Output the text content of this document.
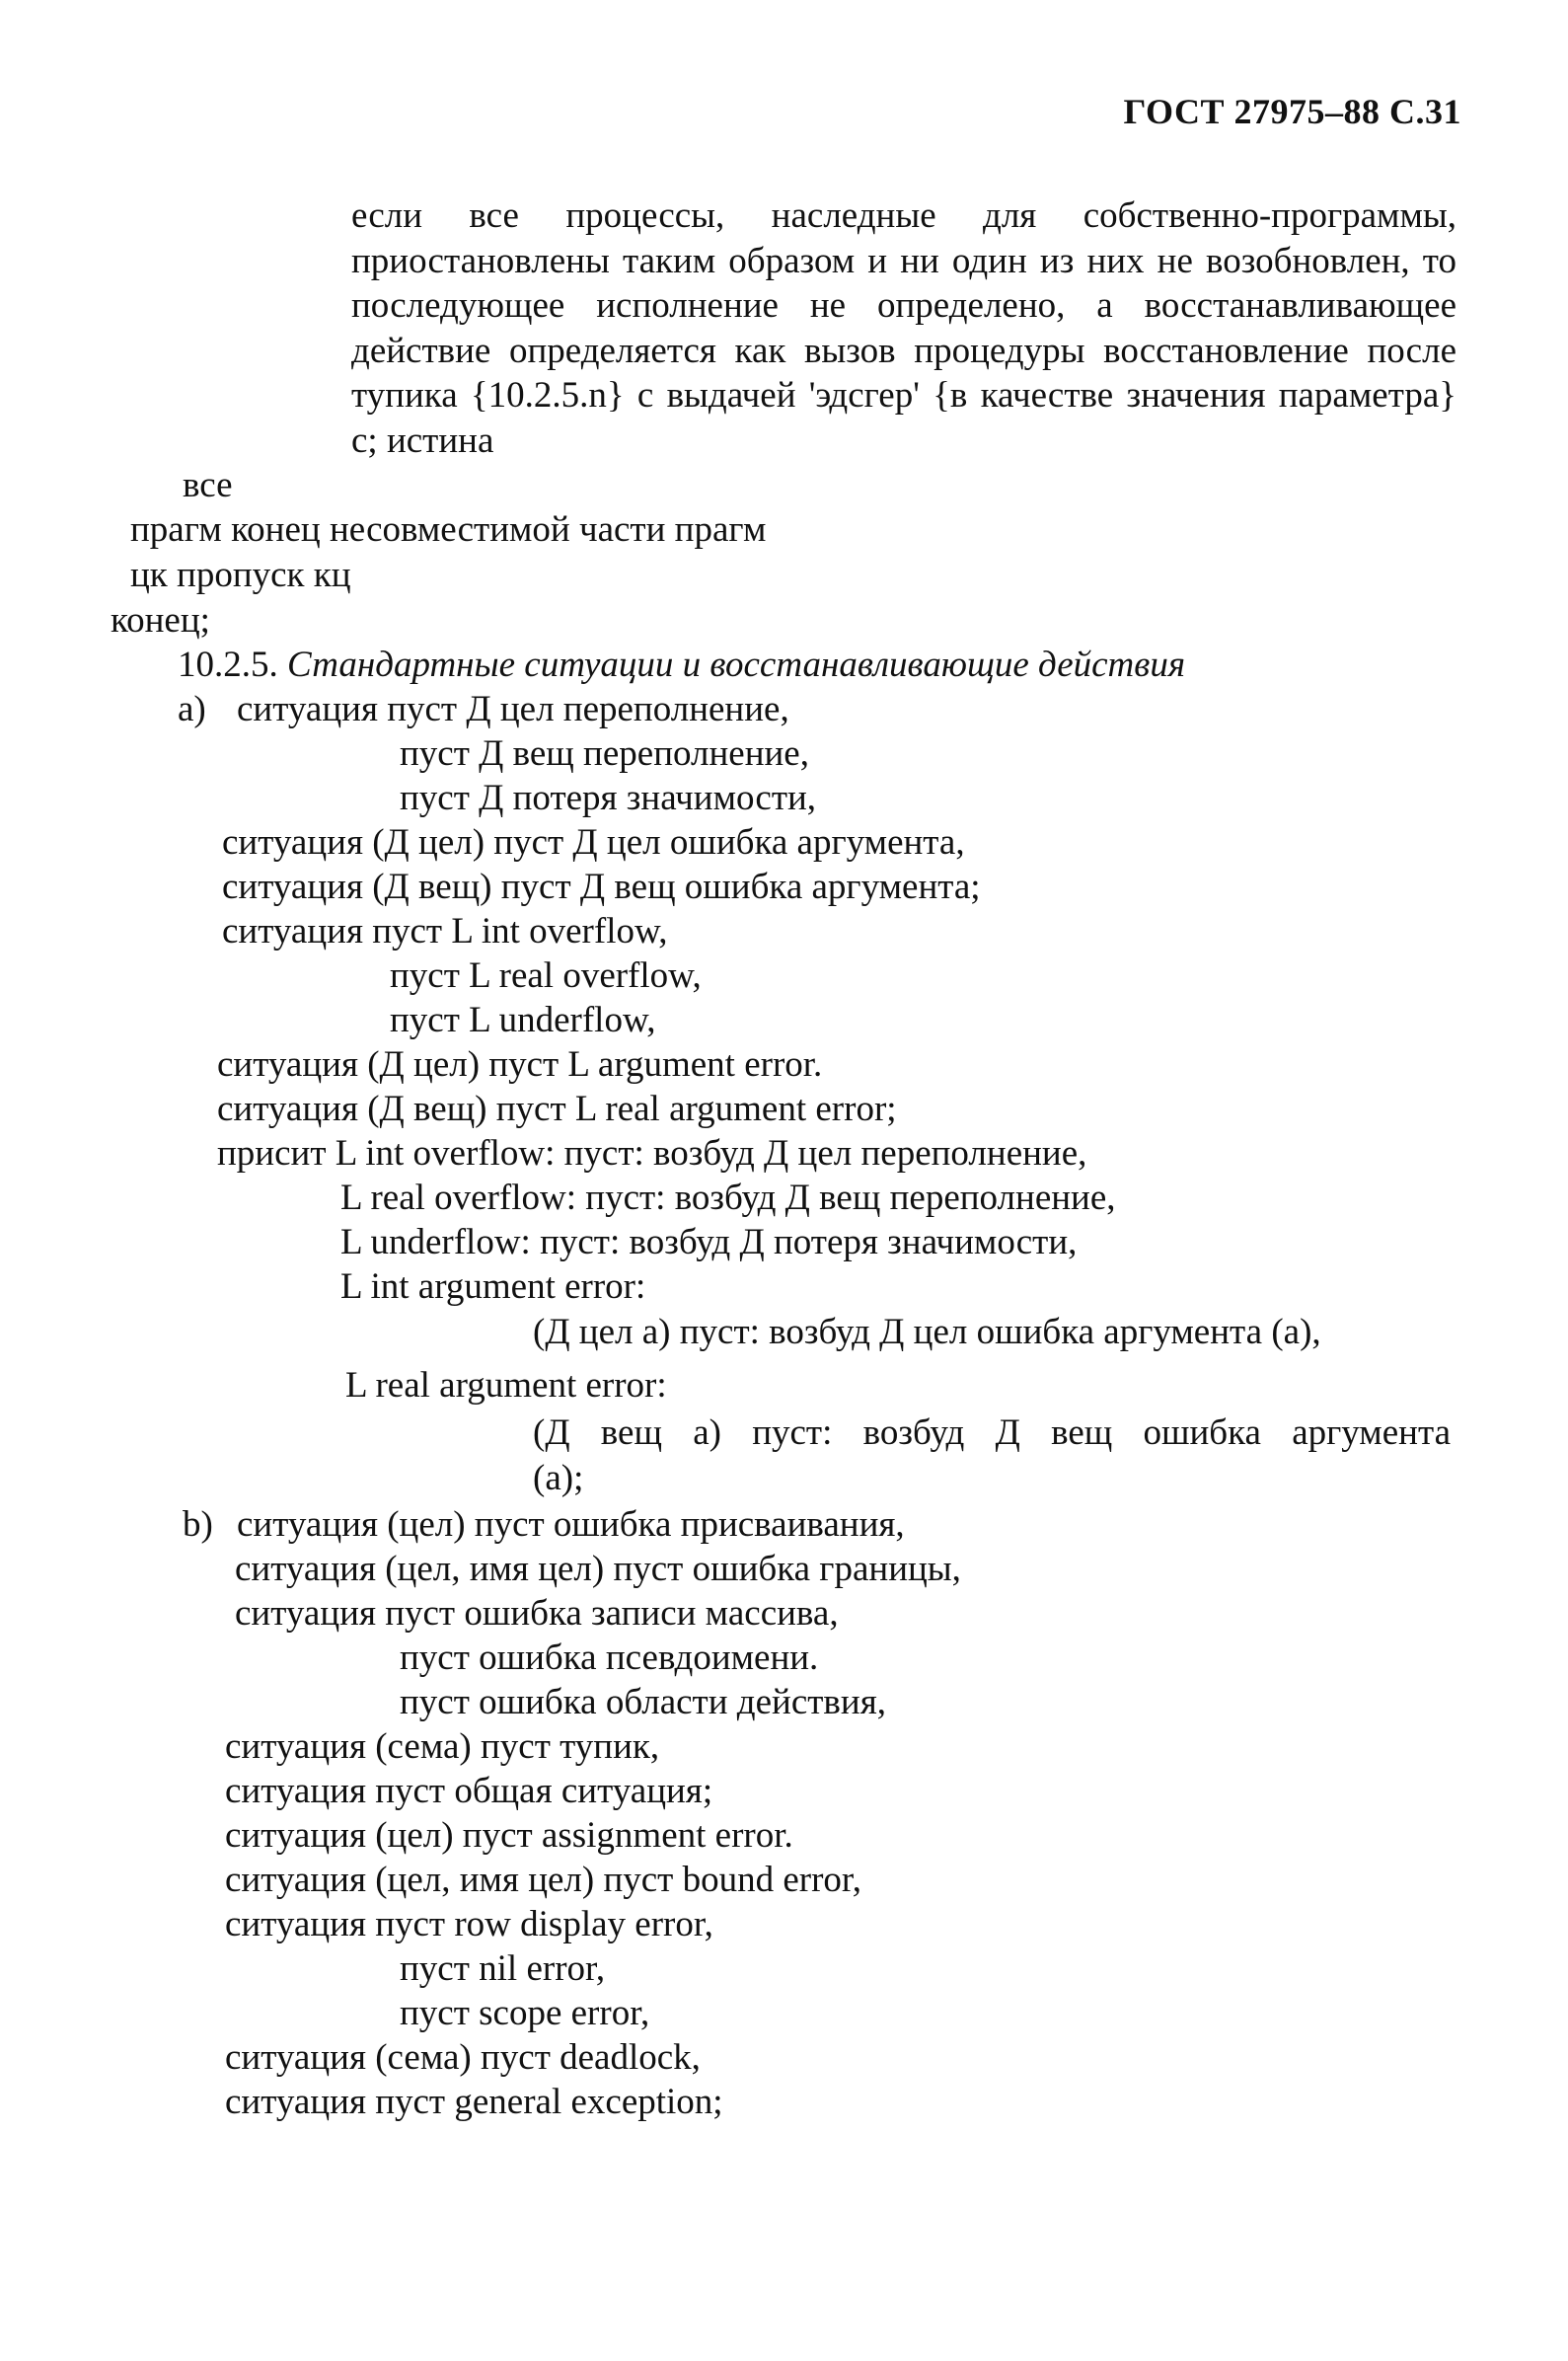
ГОСТ 27975–88 С.31
если все процессы, наследные для собственно-программы, приостановлены таким образом и ни один из них не возобновлен, то последующее исполнение не определено, а восстанавливающее действие определяется как вызов процедуры восстановление после тупика {10.2.5.n} с выдачей 'эдсгер' {в качестве значения параметра} с; истина
все
прагм конец несовместимой части прагм
цк пропуск кц
конец;
10.2.5. Стандартные ситуации и восстанавливающие действия
а) ситуация пуст Д цел переполнение,
пуст Д вещ переполнение,
пуст Д потеря значимости,
ситуация (Д цел) пуст Д цел ошибка аргумента,
ситуация (Д вещ) пуст Д вещ ошибка аргумента;
ситуация пуст L int overflow,
пуст L real overflow,
пуст L underflow,
ситуация (Д цел) пуст L argument error.
ситуация (Д вещ) пуст L real argument error;
присит L int overflow: пуст: возбуд Д цел переполнение,
L real overflow: пуст: возбуд Д вещ переполнение,
L underflow: пуст: возбуд Д потеря значимости,
L int argument error:
(Д цел а) пуст: возбуд Д цел ошибка аргумента (а),
L real argument error:
(Д вещ а) пуст: возбуд Д вещ ошибка аргумента
(а);
b) ситуация (цел) пуст ошибка присваивания,
ситуация (цел, имя цел) пуст ошибка границы,
ситуация пуст ошибка записи массива,
пуст ошибка псевдоимени.
пуст ошибка области действия,
ситуация (сема) пуст тупик,
ситуация пуст общая ситуация;
ситуация (цел) пуст assignment error.
ситуация (цел, имя цел) пуст bound error,
ситуация пуст row display error,
пуст nil error,
пуст scope error,
ситуация (сема) пуст deadlock,
ситуация пуст general exception;
